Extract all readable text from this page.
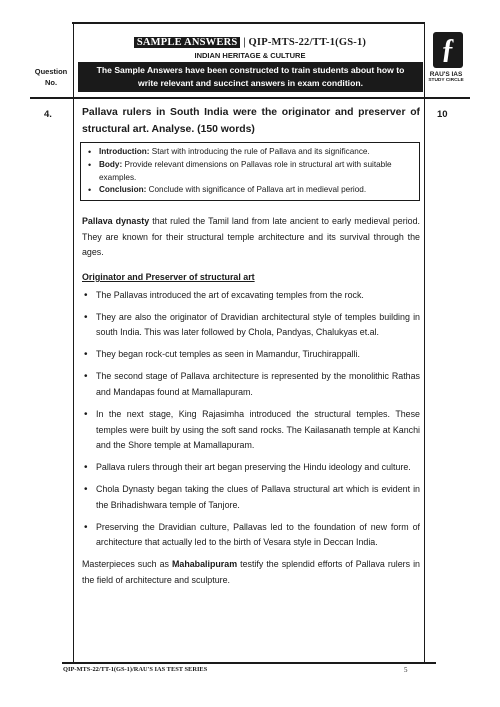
SAMPLE ANSWERS | QIP-MTS-22/TT-1(GS-1)
INDIAN HERITAGE & CULTURE
Question
No.
The Sample Answers have been constructed to train students about how to
write relevant and succinct answers in exam condition.
ƒ
RAU'S IAS
STUDY CIRCLE
4.	10
Pallava rulers in South India were the originator and preserver of structural art. Analyse. (150 words)
• Introduction: Start with introducing the rule of Pallava and its significance.
• Body: Provide relevant dimensions on Pallavas role in structural art with suitable examples.
• Conclusion: Conclude with significance of Pallava art in medieval period.

Pallava dynasty that ruled the Tamil land from late ancient to early medieval period. They are known for their structural temple architecture and its survival through the ages.

Originator and Preserver of structural art
• The Pallavas introduced the art of excavating temples from the rock.
• They are also the originator of Dravidian architectural style of temples building in south India. This was later followed by Chola, Pandyas, Chalukyas et.al.
• They began rock-cut temples as seen in Mamandur, Tiruchirappalli.
• The second stage of Pallava architecture is represented by the monolithic Rathas and Mandapas found at Mamallapuram.
• In the next stage, King Rajasimha introduced the structural temples. These temples were built by using the soft sand rocks. The Kailasanath temple at Kanchi and the Shore temple at Mamallapuram.
• Pallava rulers through their art began preserving the Hindu ideology and culture.
• Chola Dynasty began taking the clues of Pallava structural art which is evident in the Brihadishwara temple of Tanjore.
• Preserving the Dravidian culture, Pallavas led to the foundation of new form of architecture that actually led to the birth of Vesara style in Deccan India.

Masterpieces such as Mahabalipuram testify the splendid efforts of Pallava rulers in the field of architecture and sculpture.

QIP-MTS-22/TT-1(GS-1)/RAU'S IAS TEST SERIES	5
